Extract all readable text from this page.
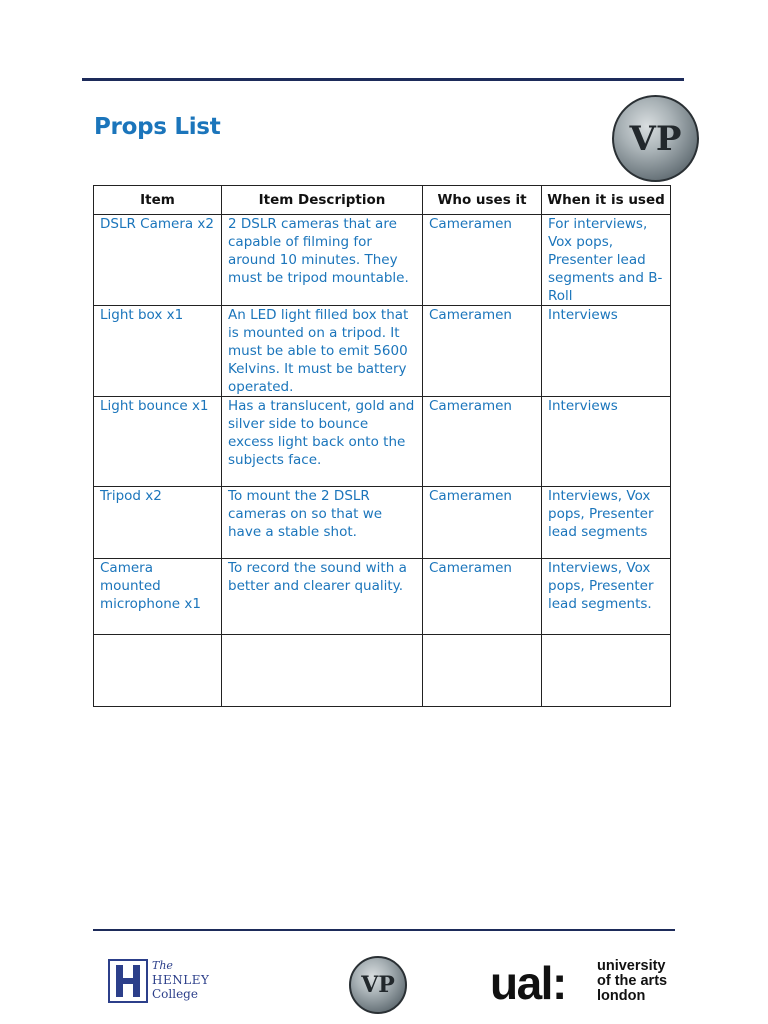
Props List	VP
Item	Item Description	Who uses it	When it is used
DSLR Camera x2	2 DSLR cameras that are capable of filming for around 10 minutes. They must be tripod mountable.	Cameramen	For interviews, Vox pops, Presenter lead segments and B-Roll
Light box x1	An LED light filled box that is mounted on a tripod. It must be able to emit 5600 Kelvins. It must be battery operated.	Cameramen	Interviews
Light bounce x1	Has a translucent, gold and silver side to bounce excess light back onto the subjects face.	Cameramen	Interviews
Tripod x2	To mount the 2 DSLR cameras on so that we have a stable shot.	Cameramen	Interviews, Vox pops, Presenter lead segments
Camera mounted microphone x1	To record the sound with a better and clearer quality.	Cameramen	Interviews, Vox pops, Presenter lead segments.

The
HENLEY
College	VP ual: university
of the arts
london
